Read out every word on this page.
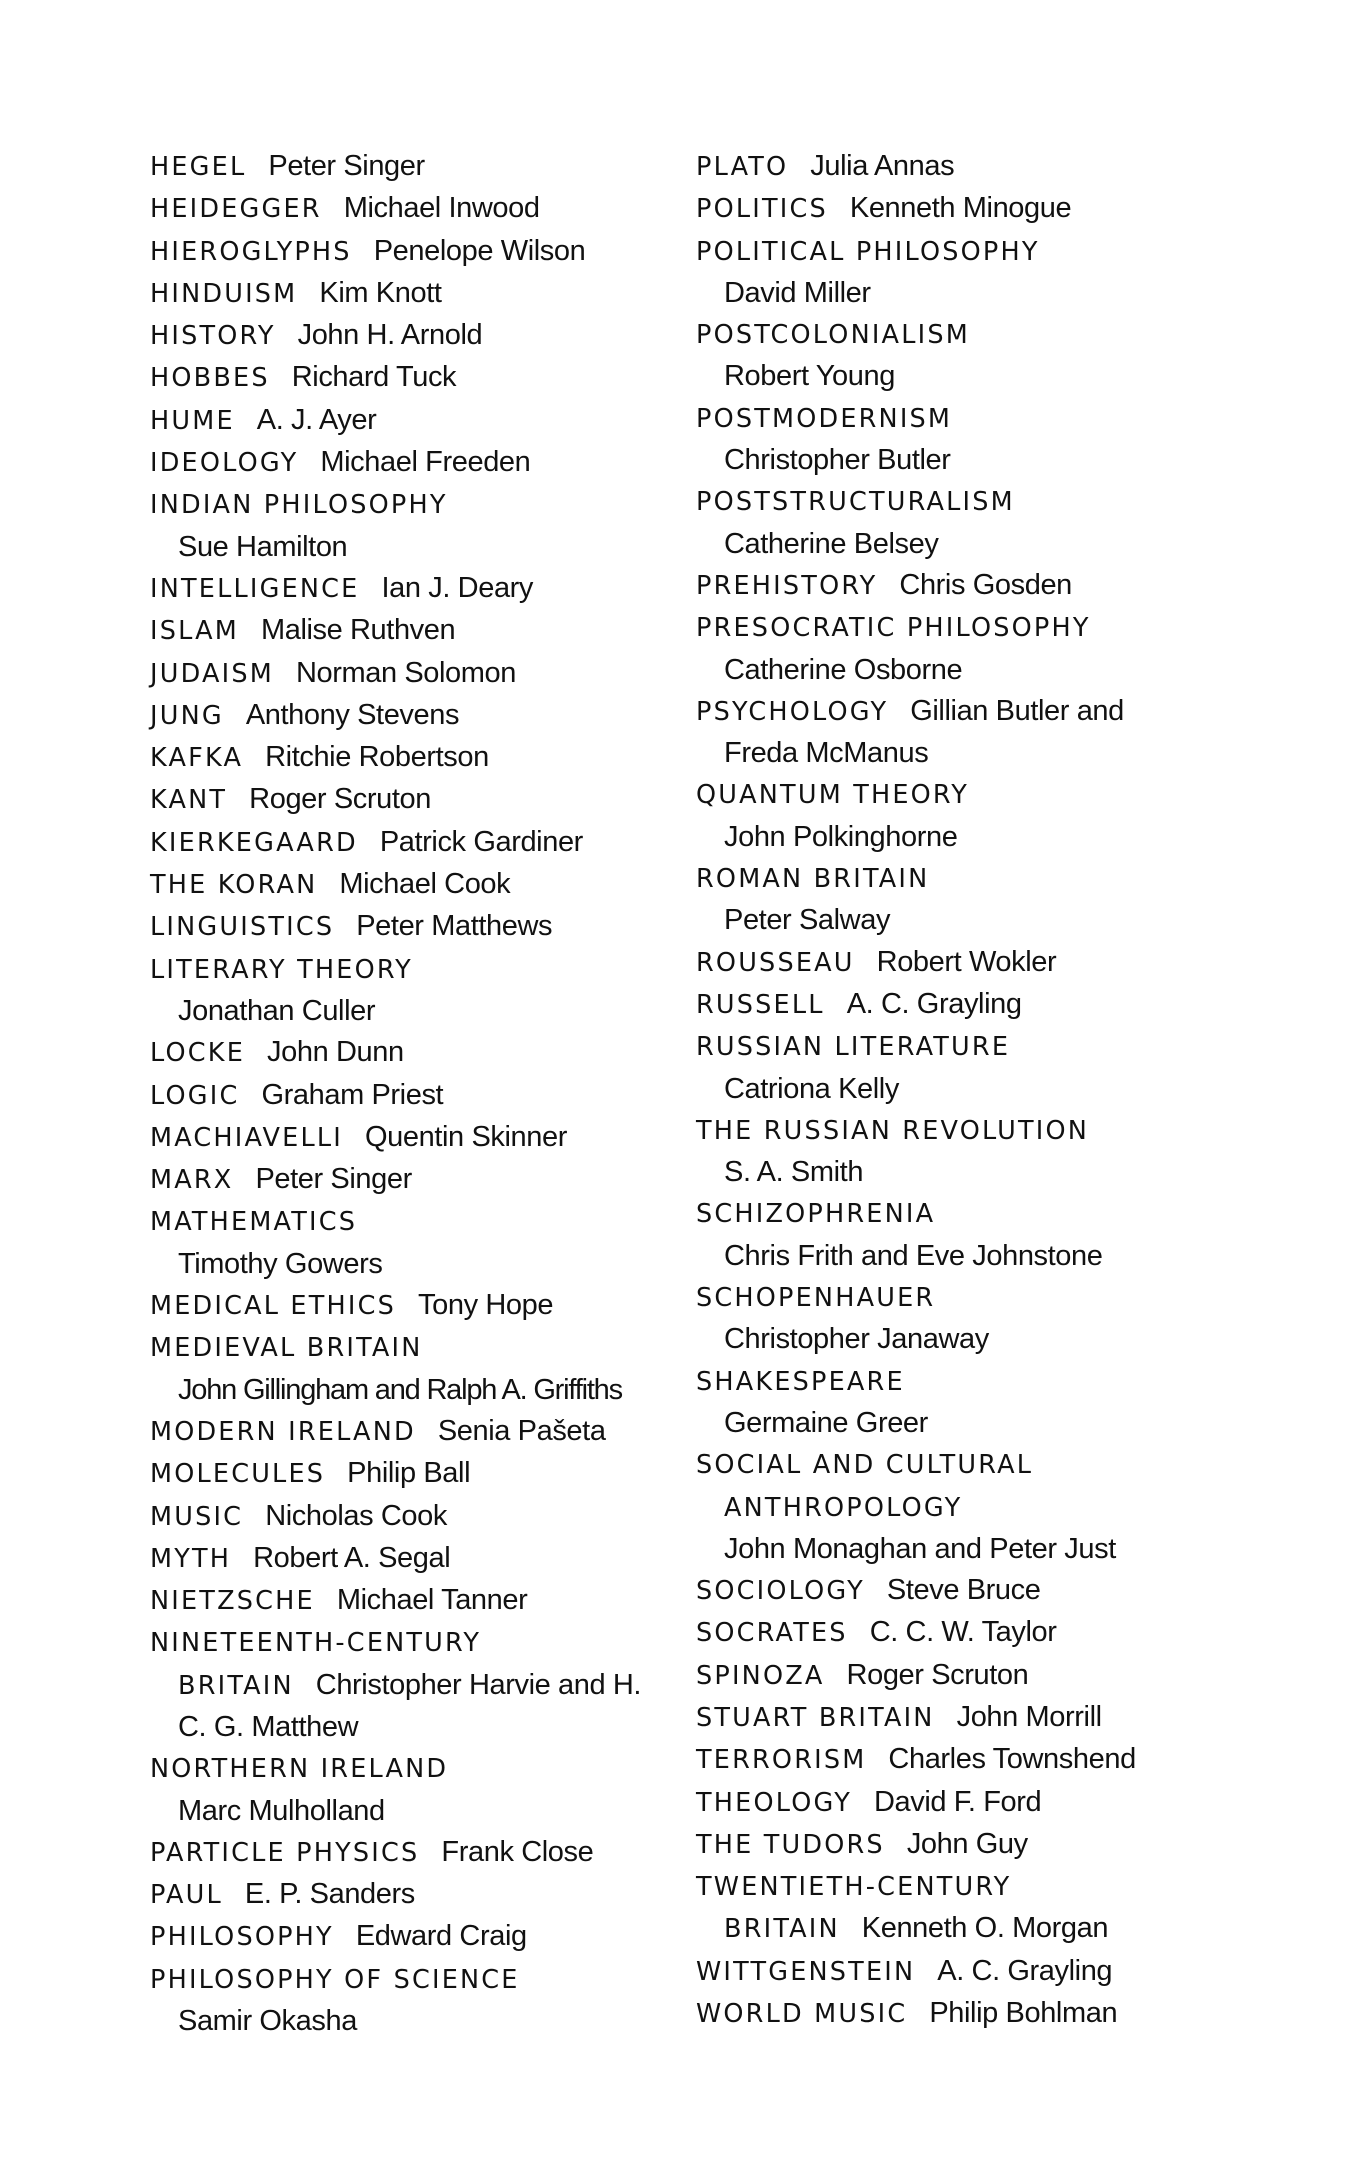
HEGEL Peter Singer
HEIDEGGER Michael Inwood
HIEROGLYPHS Penelope Wilson
HINDUISM Kim Knott
HISTORY John H. Arnold
HOBBES Richard Tuck
HUME A. J. Ayer
IDEOLOGY Michael Freeden
INDIAN PHILOSOPHY
Sue Hamilton
INTELLIGENCE Ian J. Deary
ISLAM Malise Ruthven
JUDAISM Norman Solomon
JUNG Anthony Stevens
KAFKA Ritchie Robertson
KANT Roger Scruton
KIERKEGAARD Patrick Gardiner
THE KORAN Michael Cook
LINGUISTICS Peter Matthews
LITERARY THEORY
Jonathan Culler
LOCKE John Dunn
LOGIC Graham Priest
MACHIAVELLI Quentin Skinner
MARX Peter Singer
MATHEMATICS
Timothy Gowers
MEDICAL ETHICS Tony Hope
MEDIEVAL BRITAIN
John Gillingham and Ralph A. Griffiths
MODERN IRELAND Senia Pašeta
MOLECULES Philip Ball
MUSIC Nicholas Cook
MYTH Robert A. Segal
NIETZSCHE Michael Tanner
NINETEENTH-CENTURY BRITAIN Christopher Harvie and H. C. G. Matthew
NORTHERN IRELAND
Marc Mulholland
PARTICLE PHYSICS Frank Close
PAUL E. P. Sanders
PHILOSOPHY Edward Craig
PHILOSOPHY OF SCIENCE
Samir Okasha
PLATO Julia Annas
POLITICS Kenneth Minogue
POLITICAL PHILOSOPHY
David Miller
POSTCOLONIALISM
Robert Young
POSTMODERNISM
Christopher Butler
POSTSTRUCTURALISM
Catherine Belsey
PREHISTORY Chris Gosden
PRESOCRATIC PHILOSOPHY
Catherine Osborne
PSYCHOLOGY Gillian Butler and Freda McManus
QUANTUM THEORY
John Polkinghorne
ROMAN BRITAIN
Peter Salway
ROUSSEAU Robert Wokler
RUSSELL A. C. Grayling
RUSSIAN LITERATURE
Catriona Kelly
THE RUSSIAN REVOLUTION
S. A. Smith
SCHIZOPHRENIA
Chris Frith and Eve Johnstone
SCHOPENHAUER
Christopher Janaway
SHAKESPEARE
Germaine Greer
SOCIAL AND CULTURAL ANTHROPOLOGY
John Monaghan and Peter Just
SOCIOLOGY Steve Bruce
SOCRATES C. C. W. Taylor
SPINOZA Roger Scruton
STUART BRITAIN John Morrill
TERRORISM Charles Townshend
THEOLOGY David F. Ford
THE TUDORS John Guy
TWENTIETH-CENTURY BRITAIN Kenneth O. Morgan
WITTGENSTEIN A. C. Grayling
WORLD MUSIC Philip Bohlman
